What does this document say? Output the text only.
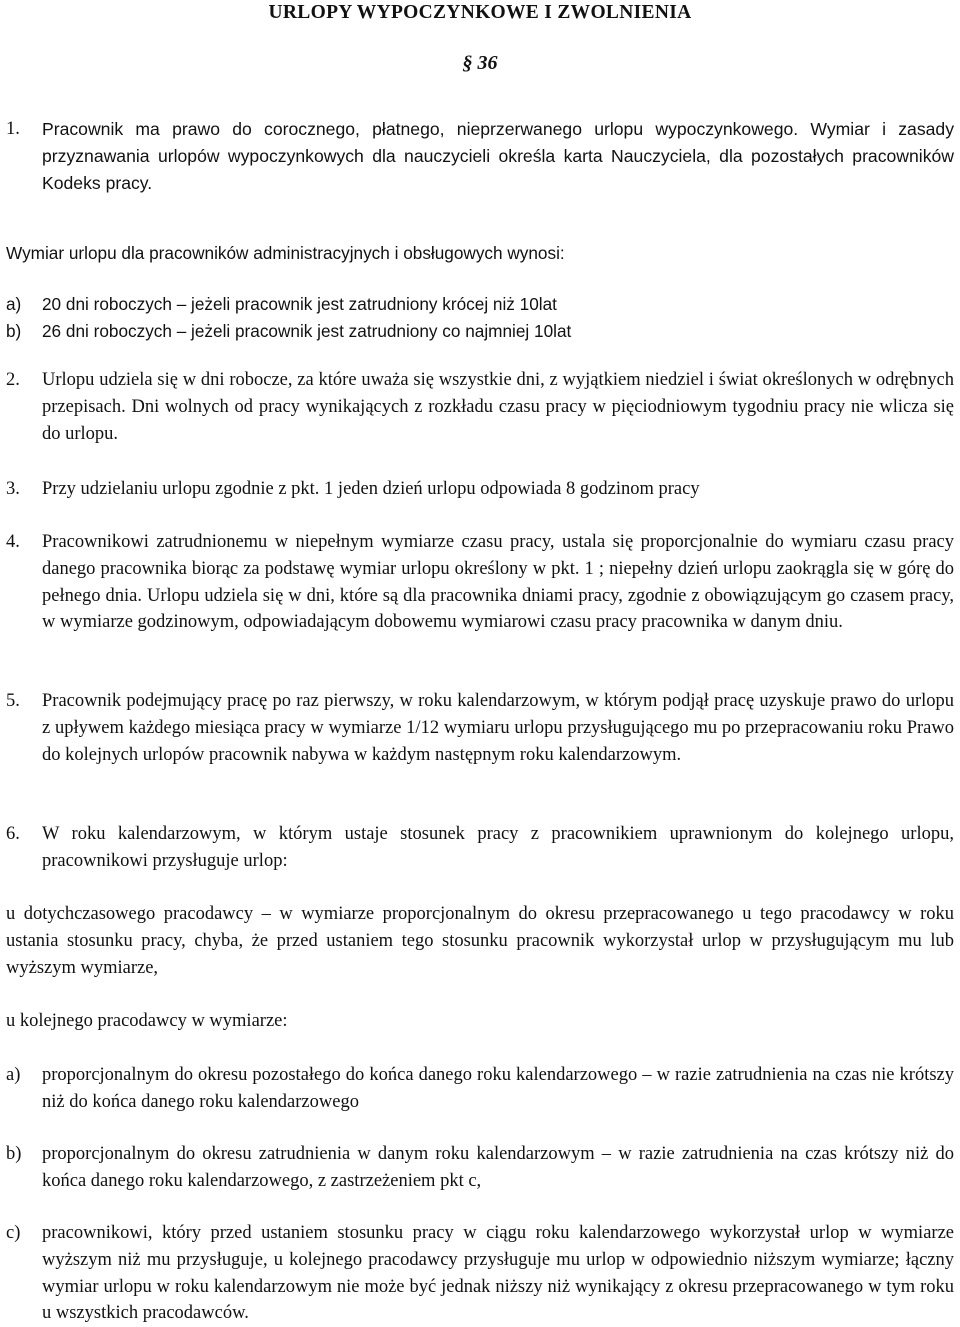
URLOPY WYPOCZYNKOWE I ZWOLNIENIA
§ 36
1.	Pracownik ma prawo do corocznego, płatnego, nieprzerwanego urlopu wypoczynkowego. Wymiar i zasady przyznawania urlopów wypoczynkowych dla nauczycieli określa karta Nauczyciela, dla pozostałych pracowników Kodeks pracy.
Wymiar urlopu dla pracowników administracyjnych i obsługowych wynosi:
a)	20 dni roboczych – jeżeli pracownik jest zatrudniony krócej niż 10lat
b)	26 dni roboczych – jeżeli pracownik jest zatrudniony co najmniej 10lat
2.	Urlopu udziela się w dni robocze, za które uważa się wszystkie dni, z wyjątkiem niedziel i świat określonych w odrębnych przepisach. Dni wolnych od pracy wynikających z rozkładu czasu pracy w pięciodniowym tygodniu pracy nie wlicza się do urlopu.
3.	Przy udzielaniu urlopu zgodnie z pkt. 1 jeden dzień urlopu odpowiada 8 godzinom pracy
4.	Pracownikowi zatrudnionemu w niepełnym wymiarze czasu pracy, ustala się proporcjonalnie do wymiaru czasu pracy danego pracownika biorąc za podstawę wymiar urlopu określony w pkt. 1 ; niepełny dzień urlopu zaokrągla się w górę do pełnego dnia. Urlopu udziela się w dni, które są dla pracownika dniami pracy, zgodnie z obowiązującym go czasem pracy, w wymiarze godzinowym, odpowiadającym dobowemu wymiarowi czasu pracy pracownika w danym dniu.
5.	Pracownik podejmujący pracę po raz pierwszy, w roku kalendarzowym, w którym podjął pracę uzyskuje prawo do urlopu z upływem każdego miesiąca pracy w wymiarze 1/12 wymiaru urlopu przysługującego mu po przepracowaniu roku Prawo do kolejnych urlopów pracownik nabywa w każdym następnym roku kalendarzowym.
6.	W roku kalendarzowym, w którym ustaje stosunek pracy z pracownikiem uprawnionym do kolejnego urlopu, pracownikowi przysługuje urlop:
u dotychczasowego pracodawcy – w wymiarze proporcjonalnym do okresu przepracowanego u tego pracodawcy w roku ustania stosunku pracy, chyba, że przed ustaniem tego stosunku pracownik wykorzystał urlop w przysługującym mu lub wyższym wymiarze,
u kolejnego pracodawcy w wymiarze:
a)	proporcjonalnym do okresu pozostałego do końca danego roku kalendarzowego – w razie zatrudnienia na czas nie krótszy niż do końca danego roku kalendarzowego
b)	proporcjonalnym do okresu zatrudnienia w danym roku kalendarzowym – w razie zatrudnienia na czas krótszy niż do końca danego roku kalendarzowego, z zastrzeżeniem pkt c,
c)	pracownikowi, który przed ustaniem stosunku pracy w ciągu roku kalendarzowego wykorzystał urlop w wymiarze wyższym niż mu przysługuje, u kolejnego pracodawcy przysługuje mu urlop w odpowiednio niższym wymiarze; łączny wymiar urlopu w roku kalendarzowym nie może być jednak niższy niż wynikający z okresu przepracowanego w tym roku u wszystkich pracodawców.
